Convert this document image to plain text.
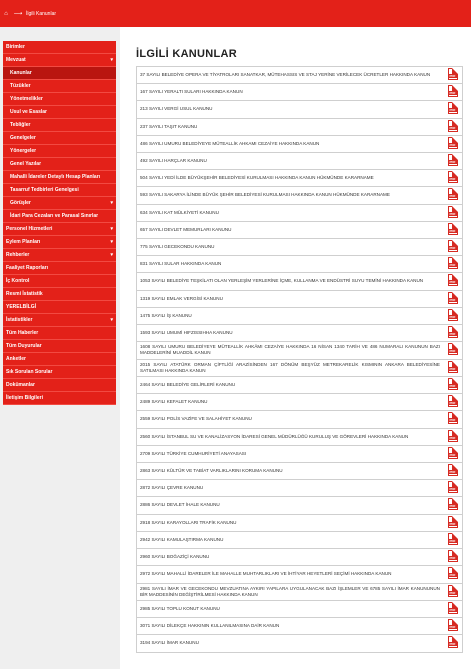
⌂ ⟶ İlgili Kanunlar
Birimler
Mevzuat	▾
Kanunlar
Tüzükler
Yönetmelikler
Usul ve Esaslar
Tebliğler
Genelgeler
Yönergeler
Genel Yazılar
Mahalli İdareler Detaylı Hesap Planları
Tasarruf Tedbirleri Genelgesi
Görüşler	▾
İdari Para Cezaları ve Parasal Sınırlar
Personel Hizmetleri	▾
Eylem Planları	▾
Rehberler	▾
Faaliyet Raporları
İç Kontrol
Resmi İstatistik
YERELBİLGİ
İstatistikler	▾
Tüm Haberler
Tüm Duyurular
Anketler
Sık Sorulan Sorular
Dokümanlar
İletişim Bilgileri
İLGİLİ KANUNLAR
37 SAYILI BELEDİYE OPERA VE TİYATROLARI SANATKAR, MÜTEHASSIS VE STAJ YERİNE VERİLECEK ÜCRETLER HAKKINDA KANUN	PDF

167 SAYILI YERALTI SULARI HAKKINDA KANUN	PDF

213 SAYILI VERGİ USUL KANUNU	PDF

237 SAYILI TAŞIT KANUNU	PDF

486 SAYILI UMURU BELEDİYEYE MÜTEALLİK AHKAMI CEZAİYE HAKKINDA KANUN	PDF

492 SAYILI HARÇLAR KANUNU	PDF

504 SAYILI YEDİ İLDE BÜYÜKŞEHİR BELEDİYESİ KURULMASI HAKKINDA KANUN HÜKMÜNDE KARARNAME	PDF

593 SAYILI SAKARYA İLİNDE BÜYÜK ŞEHİR BELEDİYESİ KURULMASI HAKKINDA KANUN HÜKMÜNDE KARARNAME	PDF

634 SAYILI KAT MÜLKİYETİ KANUNU	PDF

657 SAYILI DEVLET MEMURLARI KANUNU	PDF

775 SAYILI GECEKONDU KANUNU	PDF

831 SAYILI SULAR HAKKINDA KANUN	PDF

1053 SAYILI BELEDİYE TEŞKİLATI OLAN YERLEŞİM YERLERİNE İÇME, KULLANMA VE ENDÜSTRİ SUYU TEMİNİ HAKKINDA KANUN	PDF

1319 SAYILI EMLAK VERGİSİ KANUNU	PDF

1475 SAYILI İŞ KANUNU	PDF

1593 SAYILI UMUMİ HIFZISSIHHA KANUNU	PDF

1608 SAYILI UMURU BELEDİYEYE MÜTEALLİK AHKÂMI CEZAİYE HAKKINDA 16 NİSAN 1340 TARİH VE 486 NUMARALI KANUNUN BAZI MADDELERİNİ MUADDİL KANUN	PDF

2015 SAYILI ATATÜRK ORMAN ÇİFTLİĞİ ARAZİSİNDEN 167 DÖNÜM BEŞYÜZ METREKARELİK KISMININ ANKARA BELEDİYESİNE SATILMASI HAKKINDA KANUN	PDF

2464 SAYILI BELEDİYE GELİRLERİ KANUNU	PDF

2489 SAYILI KEFALET KANUNU	PDF

2559 SAYILI POLİS VAZİFE VE SALAHİYET KANUNU	PDF

2560 SAYILI İSTANBUL SU VE KANALİZASYON İDARESİ GENEL MÜDÜRLÜĞÜ KURULUŞ VE GÖREVLERİ HAKKINDA KANUN	PDF

2709 SAYILI TÜRKİYE CUMHURİYETİ ANAYASASI	PDF

2863 SAYILI KÜLTÜR VE TABİAT VARLIKLARINI KORUMA KANUNU	PDF

2872 SAYILI ÇEVRE KANUNU	PDF

2886 SAYILI DEVLET İHALE KANUNU	PDF

2918 SAYILI KARAYOLLARI TRAFİK KANUNU	PDF

2942 SAYILI KAMULAŞTIRMA KANUNU	PDF

2960 SAYILI BOĞAZİÇİ KANUNU	PDF

2972 SAYILI MAHALLİ İDARELER İLE MAHALLE MUHTARLIKLARI VE İHTİYAR HEYETLERİ SEÇİMİ HAKKINDA KANUN	PDF

2981 SAYILI İMAR VE GECEKONDU MEVZUATINA AYKIRI YAPILARA UYGULANACAK BAZI İŞLEMLER VE 6785 SAYILI İMAR KANUNUNUN BİR MADDESİNİN DEĞİŞTİRİLMESİ HAKKINDA KANUN	PDF

2985 SAYILI TOPLU KONUT KANUNU	PDF

3071 SAYILI DİLEKÇE HAKKININ KULLANILMASINA DAİR KANUN	PDF

3194 SAYILI İMAR KANUNU	PDF
